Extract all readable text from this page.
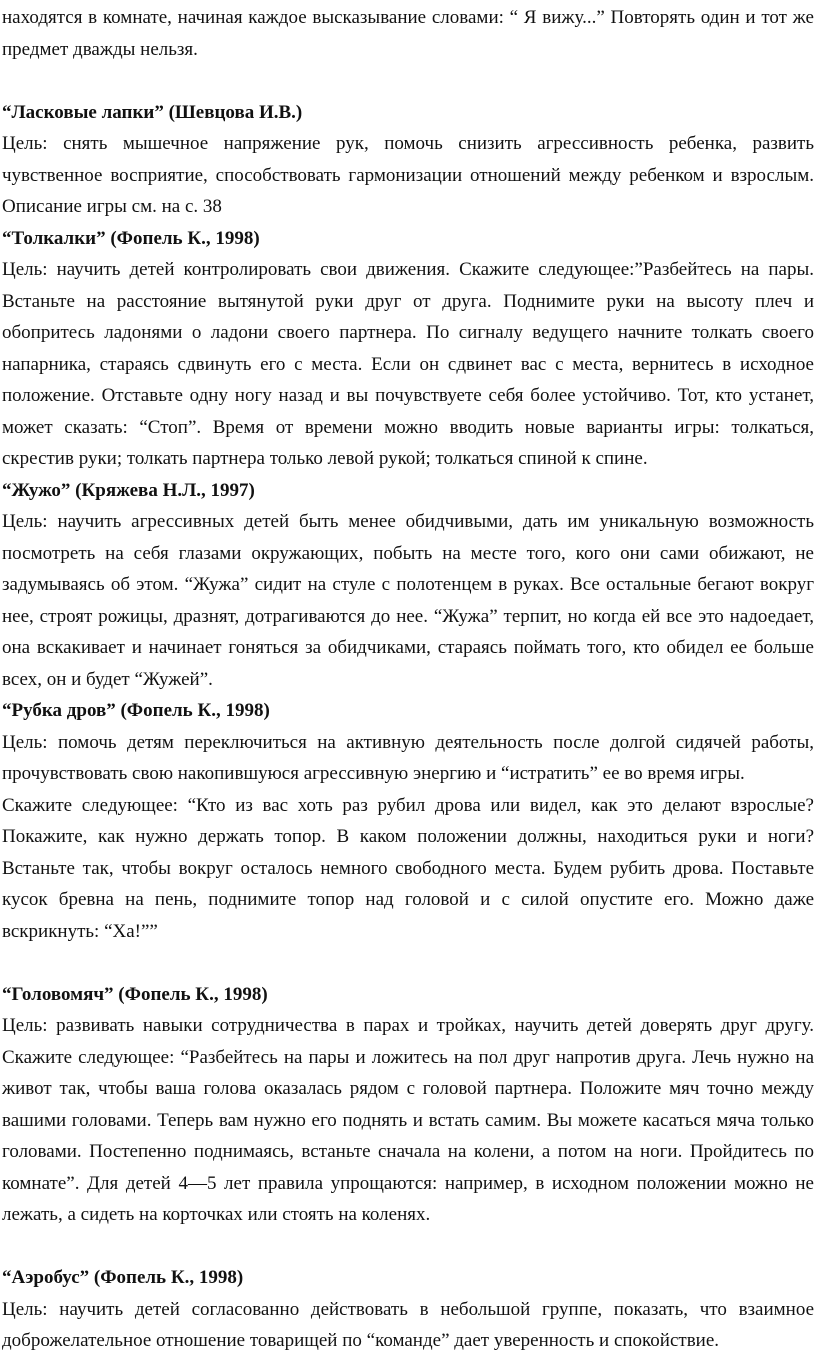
находятся в комнате, начиная каждое высказывание словами: “ Я вижу...” Повторять один и тот же предмет дважды нельзя.

“Ласковые лапки” (Шевцова И.В.)

Цель: снять мышечное напряжение рук, помочь снизить агрессивность ребенка, развить чувственное восприятие, способствовать гармонизации отношений между ребенком и взрослым. Описание игры см. на с. 38

“Толкалки” (Фопель К., 1998)

Цель: научить детей контролировать свои движения. Скажите следующее:”Разбейтесь на пары. Встаньте на расстояние вытянутой руки друг от друга. Поднимите руки на высоту плеч и обопритесь ладонями о ладони своего партнера. По сигналу ведущего начните толкать своего напарника, стараясь сдвинуть его с места. Если он сдвинет вас с места, вернитесь в исходное положение. Отставьте одну ногу назад и вы почувствуете себя более устойчиво. Тот, кто устанет, может сказать: “Стоп”. Время от времени можно вводить новые варианты игры: толкаться, скрестив руки; толкать партнера только левой рукой; толкаться спиной к спине.

“Жужо” (Кряжева Н.Л., 1997)

Цель: научить агрессивных детей быть менее обидчивыми, дать им уникальную возможность посмотреть на себя глазами окружающих, побыть на месте того, кого они сами обижают, не задумываясь об этом. “Жужа” сидит на стуле с полотенцем в руках. Все остальные бегают вокруг нее, строят рожицы, дразнят, дотрагиваются до нее. “Жужа” терпит, но когда ей все это надоедает, она вскакивает и начинает гоняться за обидчиками, стараясь поймать того, кто обидел ее больше всех, он и будет “Жужей”.

“Рубка дров” (Фопель К., 1998)

Цель: помочь детям переключиться на активную деятельность после долгой сидячей работы, прочувствовать свою накопившуюся агрессивную энергию и “истратить” ее во время игры.

Скажите следующее: “Кто из вас хоть раз рубил дрова или видел, как это делают взрослые? Покажите, как нужно держать топор. В каком положении должны, находиться руки и ноги? Встаньте так, чтобы вокруг осталось немного свободного места. Будем рубить дрова. Поставьте кусок бревна на пень, поднимите топор над головой и с силой опустите его. Можно даже вскрикнуть: “Ха!””

“Головомяч” (Фопель К., 1998)

Цель: развивать навыки сотрудничества в парах и тройках, научить детей доверять друг другу. Скажите следующее: “Разбейтесь на пары и ложитесь на пол друг напротив друга. Лечь нужно на живот так, чтобы ваша голова оказалась рядом с головой партнера. Положите мяч точно между вашими головами. Теперь вам нужно его поднять и встать самим. Вы можете касаться мяча только головами. Постепенно поднимаясь, встаньте сначала на колени, а потом на ноги. Пройдитесь по комнате”. Для детей 4—5 лет правила упрощаются: например, в исходном положении можно не лежать, а сидеть на корточках или стоять на коленях.

“Аэробус” (Фопель К., 1998)

Цель: научить детей согласованно действовать в небольшой группе, показать, что взаимное доброжелательное отношение товарищей по “команде” дает уверенность и спокойствие.
